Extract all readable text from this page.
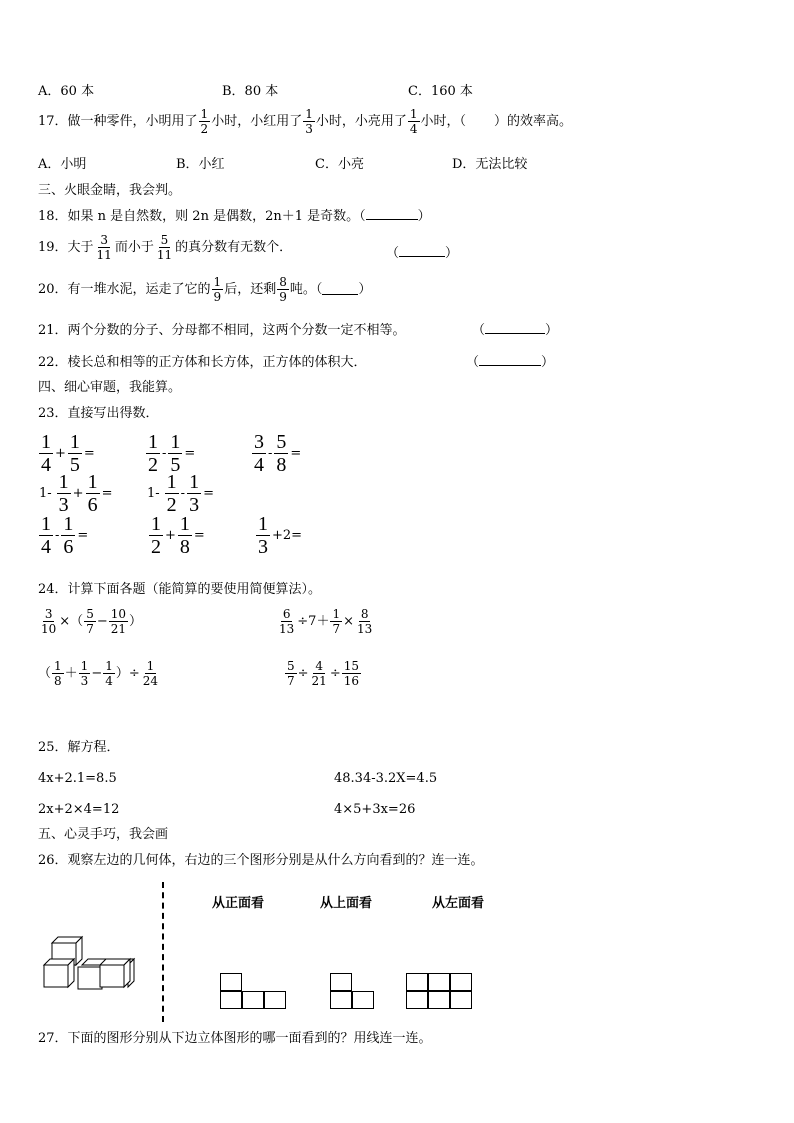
A．60 本	B．80 本	C．160 本
17．做一种零件，小明用了 $\frac{1}{2}$ 小时，小红用了 $\frac{1}{3}$ 小时，小亮用了 $\frac{1}{4}$ 小时，（ ）的效率高。
A．小明	B．小红	C．小亮	D．无法比较
三、火眼金睛，我会判。
18．如果 n 是自然数，则 2n 是偶数，2n＋1 是奇数。（	）
19．大于 $\frac{3}{11}$ 而小于 $\frac{5}{11}$ 的真分数有无数个．	（	）
20．有一堆水泥，运走了它的 $\frac{1}{9}$ 后，还剩 $\frac{8}{9}$ 吨。（	）
21．两个分数的分子、分母都不相同，这两个分数一定不相等。	（	）
22．棱长总和相等的正方体和长方体，正方体的体积大．	（	）
四、细心审题，我能算。
23．直接写出得数．
$\frac{1}{4} + \frac{1}{5}$ =	$\frac{1}{2} - \frac{1}{5}$ =	$\frac{3}{4} - \frac{5}{8}$ =
$1- \frac{1}{3} + \frac{1}{6}$ =	$1- \frac{1}{2} - \frac{1}{3}$ =
$\frac{1}{4} - \frac{1}{6}$ =	$\frac{1}{2} + \frac{1}{8}$ =	$\frac{1}{3} +2=$
24．计算下面各题（能简算的要使用简便算法）。
$\frac{3}{10}$ ×（ $\frac{5}{7} - \frac{10}{21}$ ）	$\frac{6}{13} \div 7+ \frac{1}{7} \times \frac{8}{13}$
（ $\frac{1}{8} + \frac{1}{3} - \frac{1}{4}$ ）÷ $\frac{1}{24}$	$\frac{5}{7} \div \frac{4}{21} \div \frac{15}{16}$
25．解方程．
4x+2.1=8.5	48.34-3.2X=4.5
2x+2×4=12	4×5+3x=26
五、心灵手巧，我会画
26．观察左边的几何体，右边的三个图形分别是从什么方向看到的？连一连。
从正面看	从上面看	从左面看
27．下面的图形分别从下边立体图形的哪一面看到的？用线连一连。
